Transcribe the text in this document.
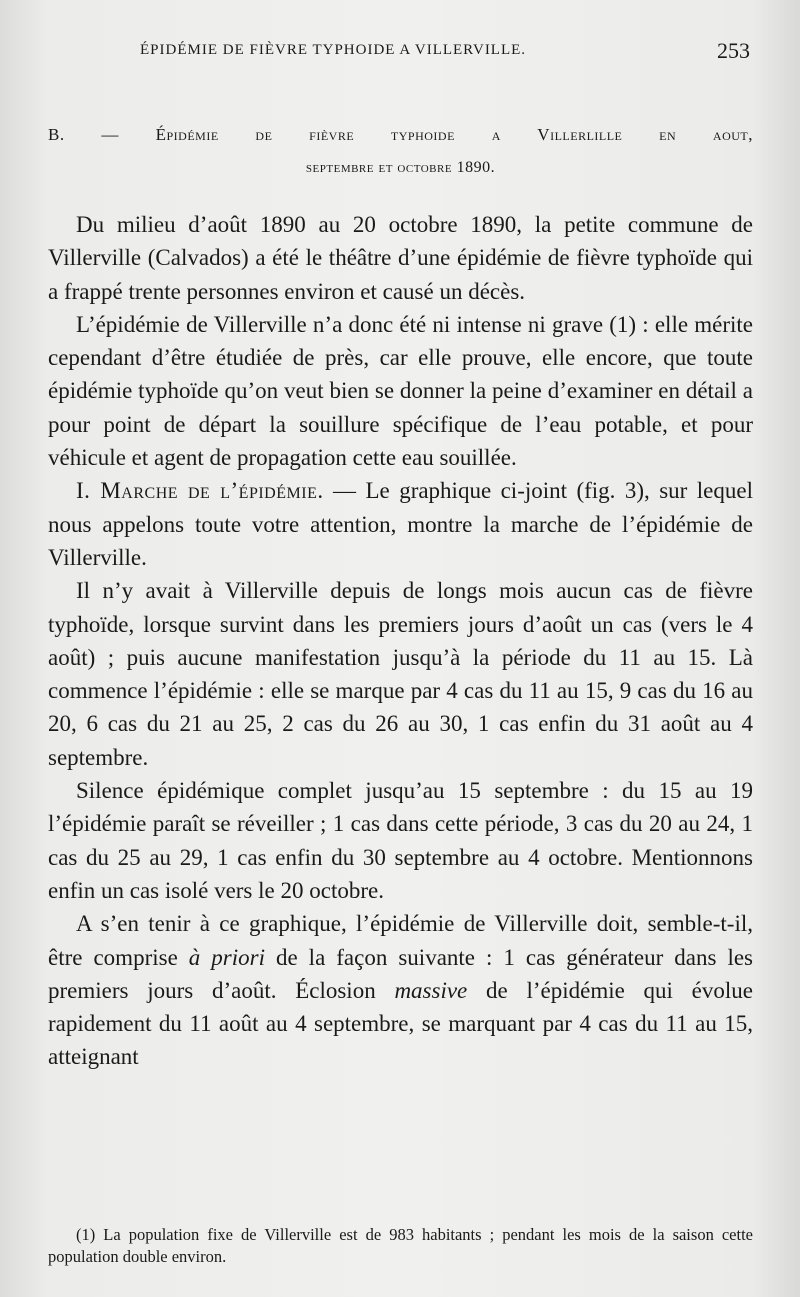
ÉPIDÉMIE DE FIÈVRE TYPHOIDE A VILLERVILLE.	253
B. — Épidémie de fièvre typhoide a Villerlille en aout,
septembre et octobre 1890.

Du milieu d’août 1890 au 20 octobre 1890, la petite commune de Villerville (Calvados) a été le théâtre d’une épidémie de fièvre typhoïde qui a frappé trente personnes environ et causé un décès.

L’épidémie de Villerville n’a donc été ni intense ni grave (1) : elle mérite cependant d’être étudiée de près, car elle prouve, elle encore, que toute épidémie typhoïde qu’on veut bien se donner la peine d’examiner en détail a pour point de départ la souillure spécifique de l’eau potable, et pour véhicule et agent de propagation cette eau souillée.

I. Marche de l’épidémie. — Le graphique ci-joint (fig. 3), sur lequel nous appelons toute votre attention, montre la marche de l’épidémie de Villerville.

Il n’y avait à Villerville depuis de longs mois aucun cas de fièvre typhoïde, lorsque survint dans les premiers jours d’août un cas (vers le 4 août) ; puis aucune manifestation jusqu’à la période du 11 au 15. Là commence l’épidémie : elle se marque par 4 cas du 11 au 15, 9 cas du 16 au 20, 6 cas du 21 au 25, 2 cas du 26 au 30, 1 cas enfin du 31 août au 4 septembre.

Silence épidémique complet jusqu’au 15 septembre : du 15 au 19 l’épidémie paraît se réveiller ; 1 cas dans cette période, 3 cas du 20 au 24, 1 cas du 25 au 29, 1 cas enfin du 30 septembre au 4 octobre. Mentionnons enfin un cas isolé vers le 20 octobre.

A s’en tenir à ce graphique, l’épidémie de Villerville doit, semble-t-il, être comprise à priori de la façon suivante : 1 cas générateur dans les premiers jours d’août. Éclosion massive de l’épidémie qui évolue rapidement du 11 août au 4 septembre, se marquant par 4 cas du 11 au 15, atteignant

(1) La population fixe de Villerville est de 983 habitants ; pendant les mois de la saison cette population double environ.
